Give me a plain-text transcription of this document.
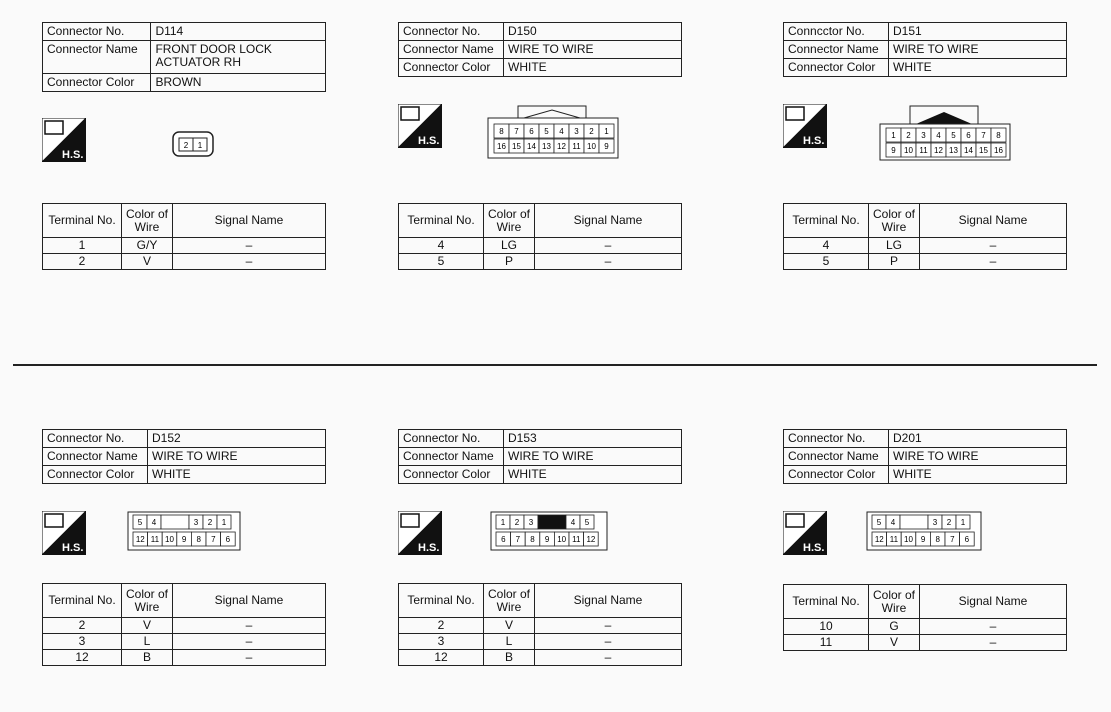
Connector No.	D114
Connector Name	FRONT DOOR LOCK ACTUATOR RH
Connector Color	BROWN
H.S.
2 1
Terminal No.	Color of Wire	Signal Name
1	G/Y	–
2	V	–
Connector No.	D150
Connector Name	WIRE TO WIRE
Connector Color	WHITE
H.S.
8 7 6 5 4 3 2 1
16 15 14 13 12 11 10 9
Terminal No.	Color of Wire	Signal Name
4	LG	–
5	P	–
Conncctor No.	D151
Connector Name	WIRE TO WIRE
Connector Color	WHITE
H.S.	1 2 3 4 5 6 7 8
9 10 11 12 13 14 15 16
Terminal No.	Color of Wire	Signal Name
4	LG	–
5	P	–
Connector No.	D152
Connector Name	WIRE TO WIRE
Connector Color	WHITE
H.S.
5 4	3 2 1
12 11 10 9 8 7 6
Terminal No.	Color of Wire	Signal Name
2	V	–
3	L	–
12	B	–
Connector No.	D153
Connector Name	WIRE TO WIRE
Connector Color	WHITE
H.S.
1 2 3	4 5
6 7 8 9 10 11 12
Terminal No.	Color of Wire	Signal Name
2	V	–
3	L	–
12	B	–
Connector No.	D201
Connector Name	WIRE TO WIRE
Connector Color	WHITE
H.S.
5 4	3 2 1
12 11 10 9 8 7 6
Terminal No.	Color of Wire	Signal Name
10	G	–
11	V	–
